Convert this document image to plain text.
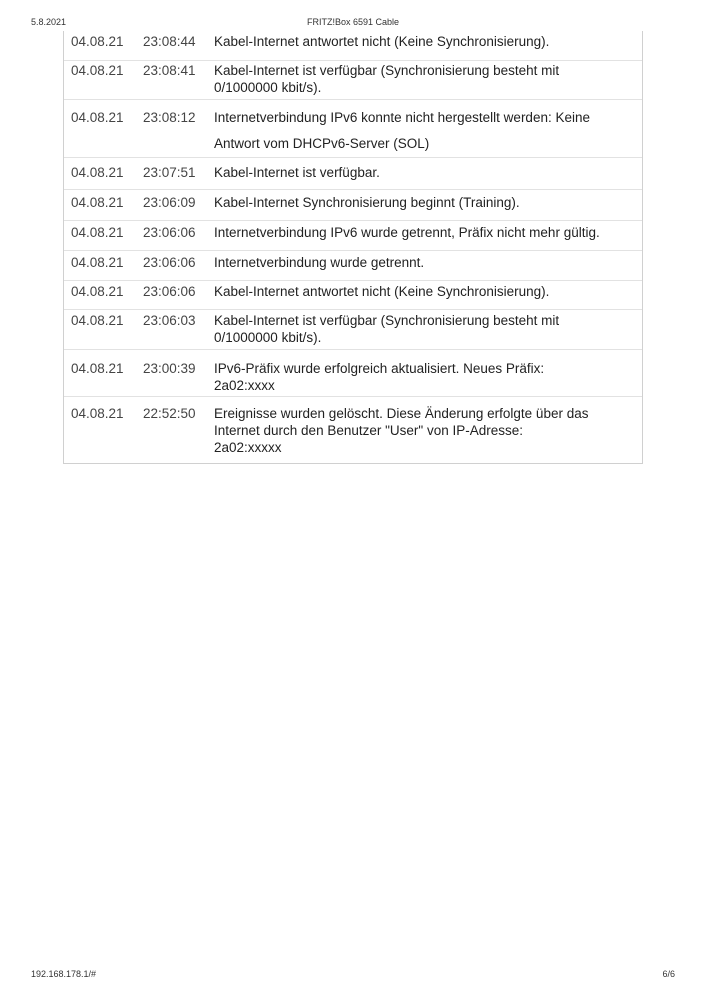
5.8.2021	FRITZ!Box 6591 Cable
04.08.21 23:08:44 Kabel-Internet antwortet nicht (Keine Synchronisierung).
04.08.21 23:08:41 Kabel-Internet ist verfügbar (Synchronisierung besteht mit
0/1000000 kbit/s).
04.08.21 23:08:12 Internetverbindung IPv6 konnte nicht hergestellt werden: Keine
Antwort vom DHCPv6-Server (SOL)
04.08.21 23:07:51 Kabel-Internet ist verfügbar.
04.08.21 23:06:09 Kabel-Internet Synchronisierung beginnt (Training).
04.08.21 23:06:06 Internetverbindung IPv6 wurde getrennt, Präfix nicht mehr gültig.
04.08.21 23:06:06 Internetverbindung wurde getrennt.
04.08.21 23:06:06 Kabel-Internet antwortet nicht (Keine Synchronisierung).
04.08.21 23:06:03 Kabel-Internet ist verfügbar (Synchronisierung besteht mit
0/1000000 kbit/s).
04.08.21 23:00:39 IPv6-Präfix wurde erfolgreich aktualisiert. Neues Präfix:
2a02:xxxx
04.08.21 22:52:50 Ereignisse wurden gelöscht. Diese Änderung erfolgte über das
Internet durch den Benutzer "User" von IP-Adresse:
2a02:xxxxx
192.168.178.1/#	6/6
